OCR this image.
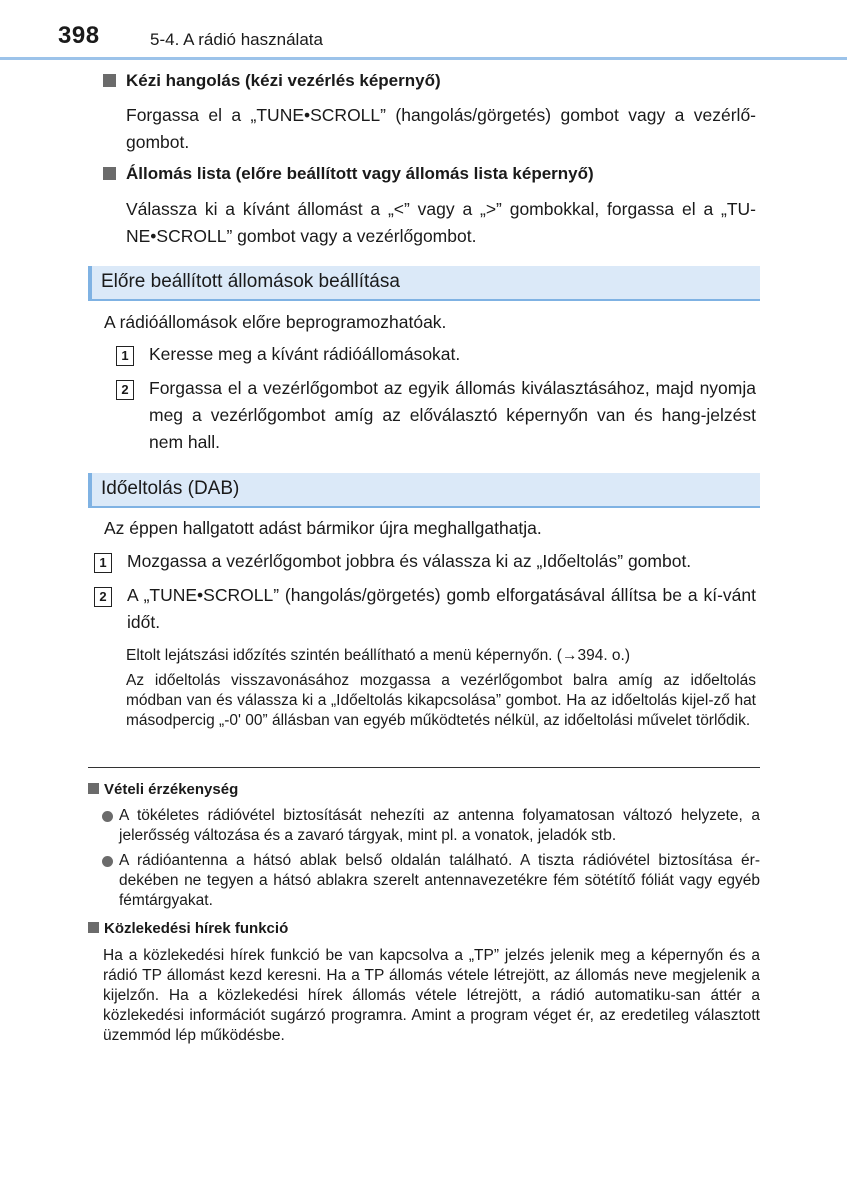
398	5-4. A rádió használata
Kézi hangolás (kézi vezérlés képernyő)
Forgassa el a „TUNE•SCROLL” (hangolás/görgetés) gombot vagy a vezérlő-gombot.
Állomás lista (előre beállított vagy állomás lista képernyő)
Válassza ki a kívánt állomást a „<” vagy a „>” gombokkal, forgassa el a „TU-NE•SCROLL” gombot vagy a vezérlőgombot.
Előre beállított állomások beállítása
A rádióállomások előre beprogramozhatóak.
1	Keresse meg a kívánt rádióállomásokat.
2	Forgassa el a vezérlőgombot az egyik állomás kiválasztásához, majd nyomja meg a vezérlőgombot amíg az előválasztó képernyőn van és hang-jelzést nem hall.
Időeltolás (DAB)
Az éppen hallgatott adást bármikor újra meghallgathatja.
1	Mozgassa a vezérlőgombot jobbra és válassza ki az „Időeltolás” gombot.
2	A „TUNE•SCROLL” (hangolás/görgetés) gomb elforgatásával állítsa be a kí-vánt időt.
Eltolt lejátszási időzítés szintén beállítható a menü képernyőn. (→394. o.)
Az időeltolás visszavonásához mozgassa a vezérlőgombot balra amíg az időeltolás módban van és válassza ki a „Időeltolás kikapcsolása” gombot. Ha az időeltolás kijel-ző hat másodpercig „-0' 00” állásban van egyéb működtetés nélkül, az időeltolási művelet törlődik.
Vételi érzékenység
A tökéletes rádióvétel biztosítását nehezíti az antenna folyamatosan változó helyzete, a jelerősség változása és a zavaró tárgyak, mint pl. a vonatok, jeladók stb.
A rádióantenna a hátsó ablak belső oldalán található. A tiszta rádióvétel biztosítása ér-dekében ne tegyen a hátsó ablakra szerelt antennavezetékre fém sötétítő fóliát vagy egyéb fémtárgyakat.
Közlekedési hírek funkció
Ha a közlekedési hírek funkció be van kapcsolva a „TP” jelzés jelenik meg a képernyőn és a rádió TP állomást kezd keresni. Ha a TP állomás vétele létrejött, az állomás neve megjelenik a kijelzőn. Ha a közlekedési hírek állomás vétele létrejött, a rádió automatiku-san áttér a közlekedési információt sugárzó programra. Amint a program véget ér, az eredetileg választott üzemmód lép működésbe.
